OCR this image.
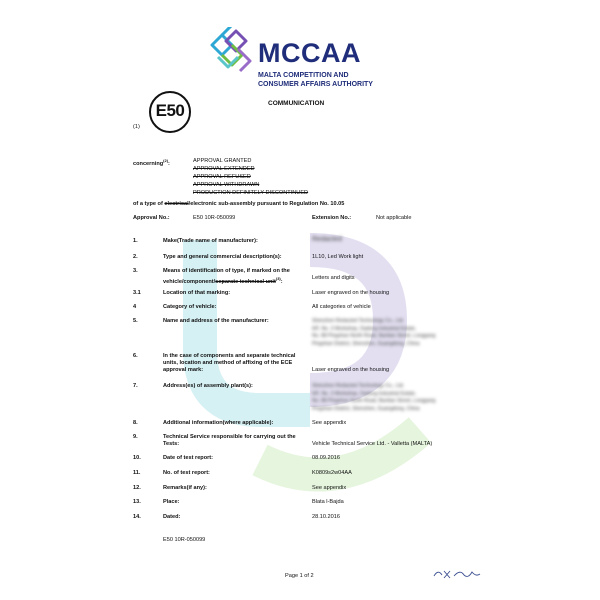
MCCAA
MALTA COMPETITION AND
CONSUMER AFFAIRS AUTHORITY
E50	COMMUNICATION
(1)
concerning$^{(2)}$:	APPROVAL GRANTED
APPROVAL EXTENDED
APPROVAL REFUSED
APPROVAL WITHDRAWN
PRODUCTION DEFINITELY DISCONTINUED
of a type of electrical/electronic sub-assembly pursuant to Regulation No. 10.05
Approval No.:	E50 10R-050099	Extension No.:	Not applicable
1.	Make(Trade name of manufacturer):	Redacted
2.	Type and general commercial description(s):	1L10, Led Work light
3.	Means of identification of type, if marked on the
vehicle/component/separate technical unit$^{(3)}$:
Letters and digits
3.1	Location of that marking:	Laser engraved on the housing
4	Category of vehicle:	All categories of vehicle
5.	Name and address of the manufacturer:	Shenzhen Redacted Technology Co., Ltd.
6/F, No. 3 Workshop, Dadong Industrial Estate,
No. 88 Pingshan North Road, Bantian Street, Longgang
Pingshan District, Shenzhen, Guangdong, China
6.	In the case of components and separate technical
units, location and method of affixing of the ECE
approval mark:	Laser engraved on the housing
7.	Address(es) of assembly plant(s):	Shenzhen Redacted Technology Co., Ltd.
6/F, No. 3 Workshop, Dadong Industrial Estate,
No. 88 Pingshan North Road, Bantian Street, Longgang
Pingshan District, Shenzhen, Guangdong, China
8.	Additional information(where applicable):	See appendix
9.	Technical Service responsible for carrying out the
Tests:	Vehicle Technical Service Ltd. - Valletta (MALTA)
10.	Date of test report:	08.09.2016
11.	No. of test report:	K0809s2w04AA
12.	Remarks(if any):	See appendix
13.	Place:	Blata l-Bajda
14.	Dated:	28.10.2016
E50 10R-050099
Page 1 of 2
